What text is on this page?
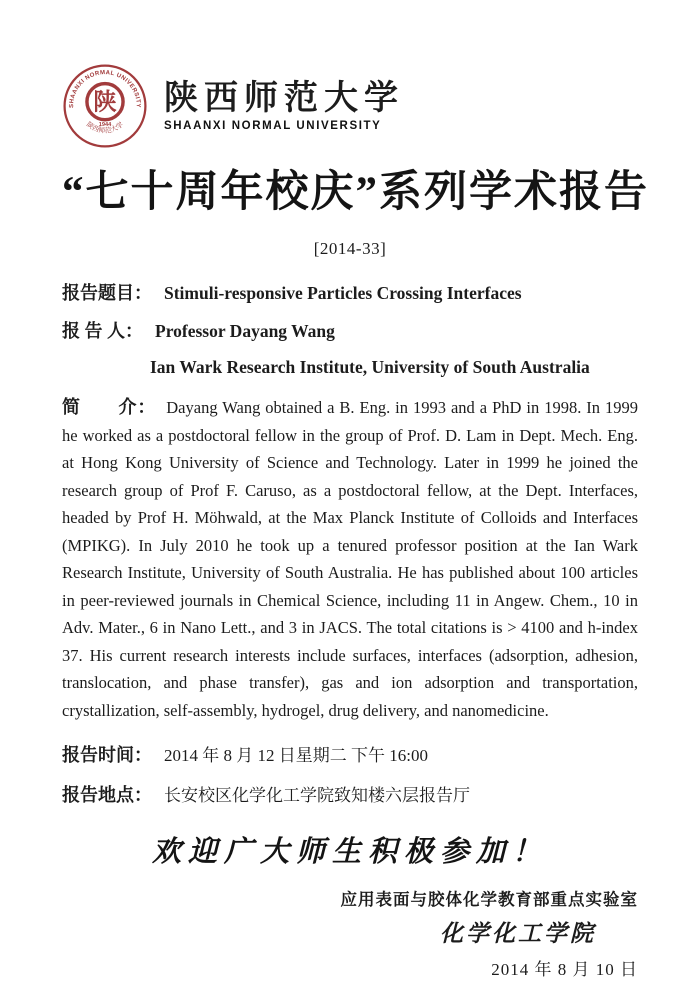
SHAANXI NORMAL UNIVERSITY
陕西师范大学
陕
1944
陕西师范大学
SHAANXI NORMAL UNIVERSITY
“七十周年校庆”系列学术报告
[2014-33]
报告题目： Stimuli-responsive Particles Crossing Interfaces
报 告 人： Professor Dayang Wang
Ian Wark Research Institute, University of South Australia

简　　介： Dayang Wang obtained a B. Eng. in 1993 and a PhD in 1998. In 1999 he worked as a postdoctoral fellow in the group of Prof. D. Lam in Dept. Mech. Eng. at Hong Kong University of Science and Technology. Later in 1999 he joined the research group of Prof F. Caruso, as a postdoctoral fellow, at the Dept. Interfaces, headed by Prof H. Möhwald, at the Max Planck Institute of Colloids and Interfaces (MPIKG). In July 2010 he took up a tenured professor position at the Ian Wark Research Institute, University of South Australia. He has published about 100 articles in peer-reviewed journals in Chemical Science, including 11 in Angew. Chem., 10 in Adv. Mater., 6 in Nano Lett., and 3 in JACS. The total citations is > 4100 and h-index 37. His current research interests include surfaces, interfaces (adsorption, adhesion, translocation, and phase transfer), gas and ion adsorption and transportation, crystallization, self-assembly, hydrogel, drug delivery, and nanomedicine.

报告时间： 2014 年 8 月 12 日星期二 下午 16:00
报告地点： 长安校区化学化工学院致知楼六层报告厅
欢迎广大师生积极参加！
应用表面与胶体化学教育部重点实验室
化学化工学院
2014 年 8 月 10 日
